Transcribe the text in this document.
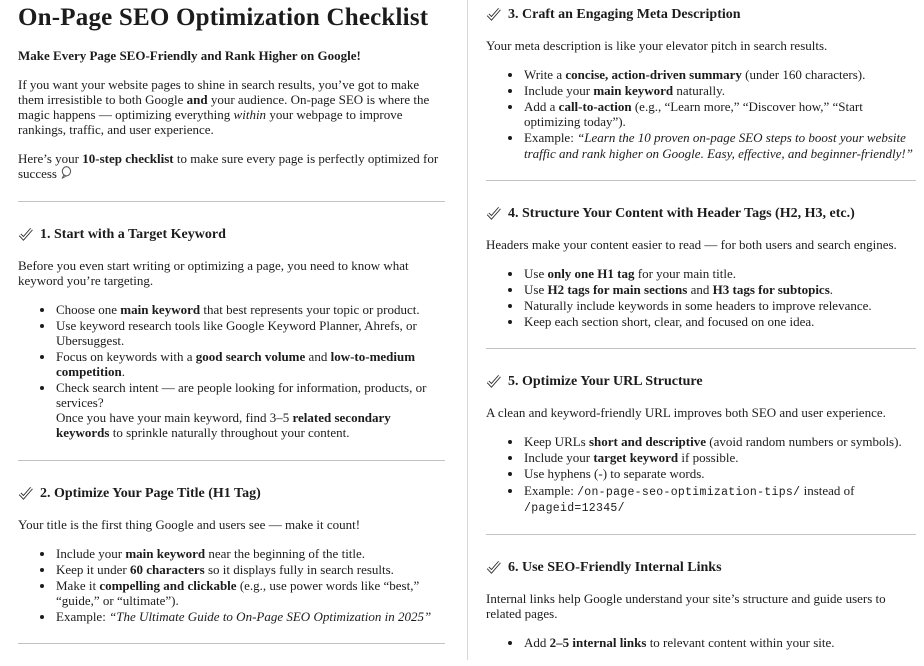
On-Page SEO Optimization Checklist

Make Every Page SEO-Friendly and Rank Higher on Google!

If you want your website pages to shine in search results, you’ve got to make them irresistible to both Google and your audience. On-page SEO is where the magic happens — optimizing everything within your webpage to improve rankings, traffic, and user experience.

Here’s your 10-step checklist to make sure every page is perfectly optimized for success

1. Start with a Target Keyword

Before you even start writing or optimizing a page, you need to know what keyword you’re targeting.

• Choose one main keyword that best represents your topic or product.
• Use keyword research tools like Google Keyword Planner, Ahrefs, or Ubersuggest.
• Focus on keywords with a good search volume and low-to-medium competition.
• Check search intent — are people looking for information, products, or services?
Once you have your main keyword, find 3–5 related secondary keywords to sprinkle naturally throughout your content.
2. Optimize Your Page Title (H1 Tag)

Your title is the first thing Google and users see — make it count!

• Include your main keyword near the beginning of the title.
• Keep it under 60 characters so it displays fully in search results.
• Make it compelling and clickable (e.g., use power words like “best,” “guide,” or “ultimate”).
• Example: “The Ultimate Guide to On-Page SEO Optimization in 2025”
3. Craft an Engaging Meta Description

Your meta description is like your elevator pitch in search results.

• Write a concise, action-driven summary (under 160 characters).
• Include your main keyword naturally.
• Add a call-to-action (e.g., “Learn more,” “Discover how,” “Start optimizing today”).
• Example: “Learn the 10 proven on-page SEO steps to boost your website traffic and rank higher on Google. Easy, effective, and beginner-friendly!”
4. Structure Your Content with Header Tags (H2, H3, etc.)

Headers make your content easier to read — for both users and search engines.

• Use only one H1 tag for your main title.
• Use H2 tags for main sections and H3 tags for subtopics.
• Naturally include keywords in some headers to improve relevance.
• Keep each section short, clear, and focused on one idea.
5. Optimize Your URL Structure

A clean and keyword-friendly URL improves both SEO and user experience.

• Keep URLs short and descriptive (avoid random numbers or symbols).
• Include your target keyword if possible.
• Use hyphens (-) to separate words.
• Example: /on-page-seo-optimization-tips/ instead of /pageid=12345/
6. Use SEO-Friendly Internal Links

Internal links help Google understand your site’s structure and guide users to related pages.

• Add 2–5 internal links to relevant content within your site.
